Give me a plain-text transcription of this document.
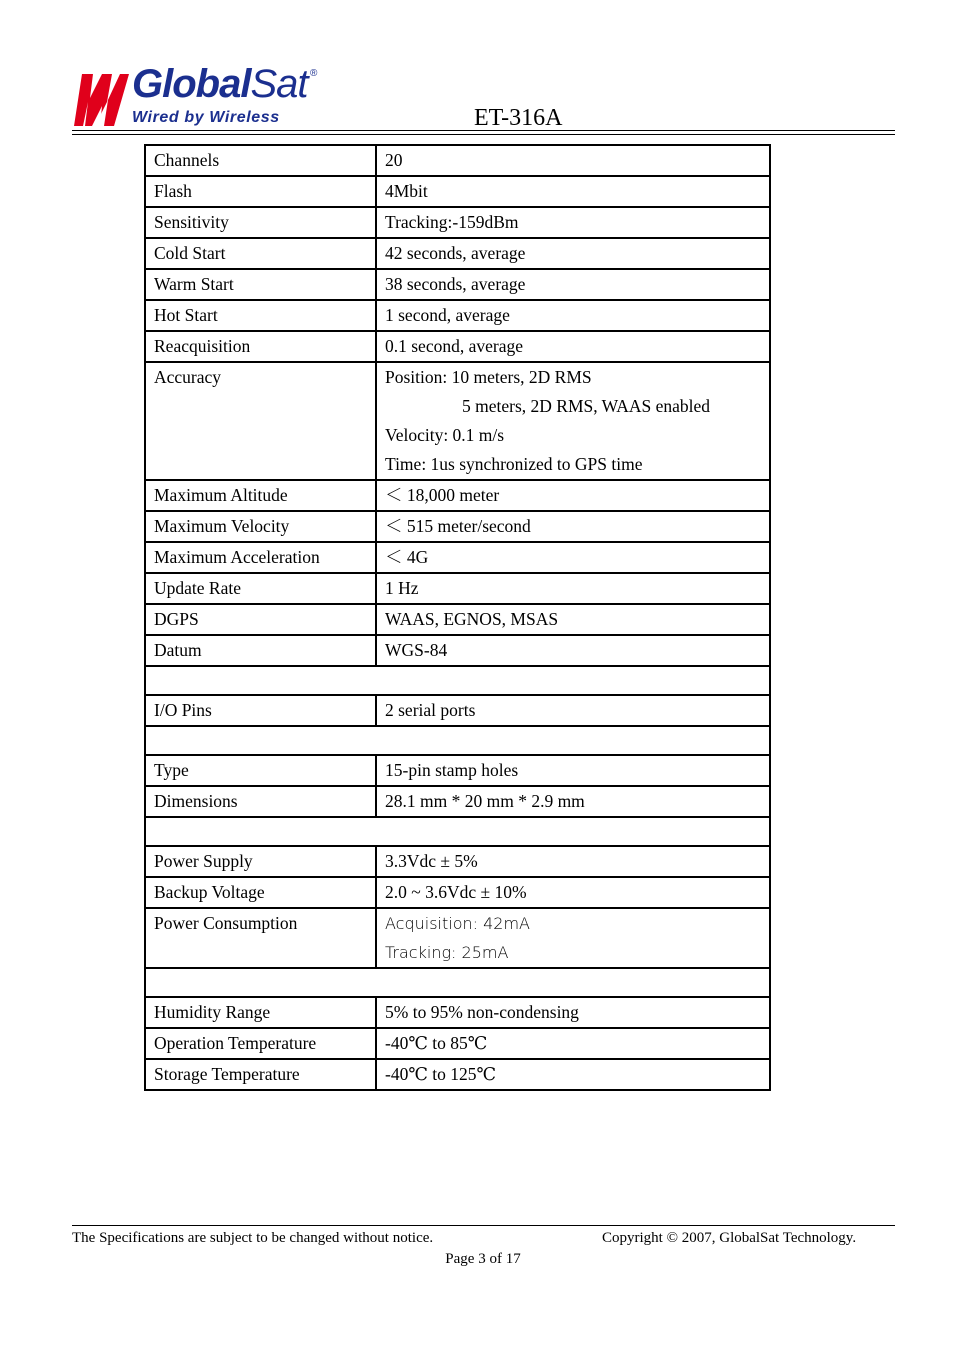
GlobalSat ®
Wired by Wireless	ET-316A
Channels	20
Flash	4Mbit
Sensitivity	Tracking:-159dBm
Cold Start	42 seconds, average
Warm Start	38 seconds, average
Hot Start	1 second, average
Reacquisition	0.1 second, average
Accuracy	Position: 10 meters, 2D RMS
5 meters, 2D RMS, WAAS enabled
Velocity: 0.1 m/s
Time: 1us synchronized to GPS time

Maximum Altitude	＜ 18,000 meter
Maximum Velocity	＜ 515 meter/second
Maximum Acceleration	＜ 4G
Update Rate	1 Hz
DGPS	WAAS, EGNOS, MSAS
Datum	WGS-84

I/O Pins	2 serial ports

Type	15-pin stamp holes
Dimensions	28.1 mm * 20 mm * 2.9 mm

Power Supply	3.3Vdc ± 5%
Backup Voltage	2.0 ~ 3.6Vdc ± 10%
Power Consumption	Acquisition: 42mA
Tracking: 25mA

Humidity Range	5% to 95% non-condensing
Operation Temperature	-40℃ to 85℃
Storage Temperature	-40℃ to 125℃
The Specifications are subject to be changed without notice.	Copyright © 2007, GlobalSat Technology.
Page 3 of 17
